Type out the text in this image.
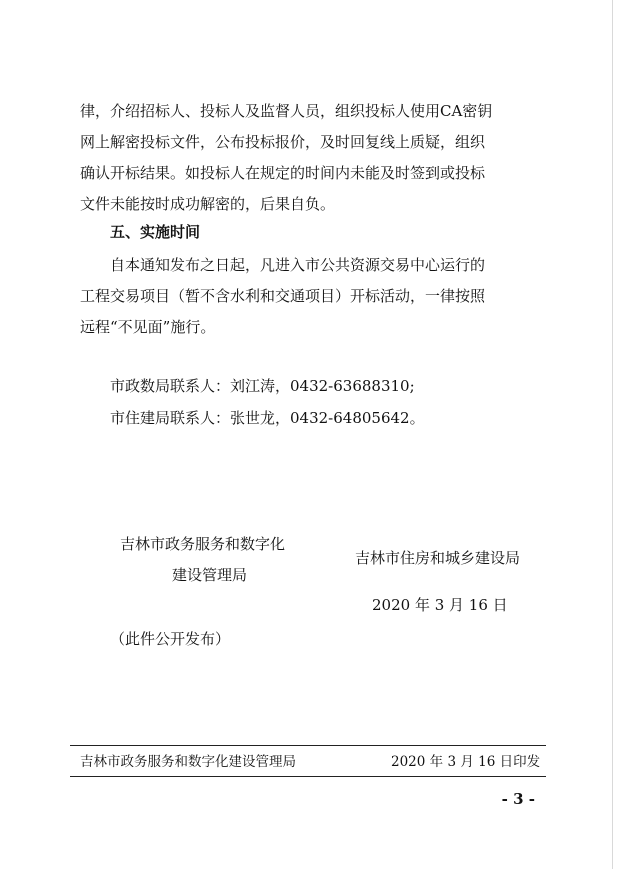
律，介绍招标人、投标人及监督人员，组织投标人使用CA密钥
网上解密投标文件，公布投标报价，及时回复线上质疑，组织
确认开标结果。如投标人在规定的时间内未能及时签到或投标
文件未能按时成功解密的，后果自负。
五、实施时间
自本通知发布之日起，凡进入市公共资源交易中心运行的
工程交易项目（暂不含水利和交通项目）开标活动，一律按照
远程“不见面”施行。
市政数局联系人：刘江涛，0432-63688310;
市住建局联系人：张世龙，0432-64805642。
吉林市政务服务和数字化
建设管理局
吉林市住房和城乡建设局
2020 年 3 月 16 日
（此件公开发布）
吉林市政务服务和数字化建设管理局	2020 年 3 月 16 日印发
- 3 -
